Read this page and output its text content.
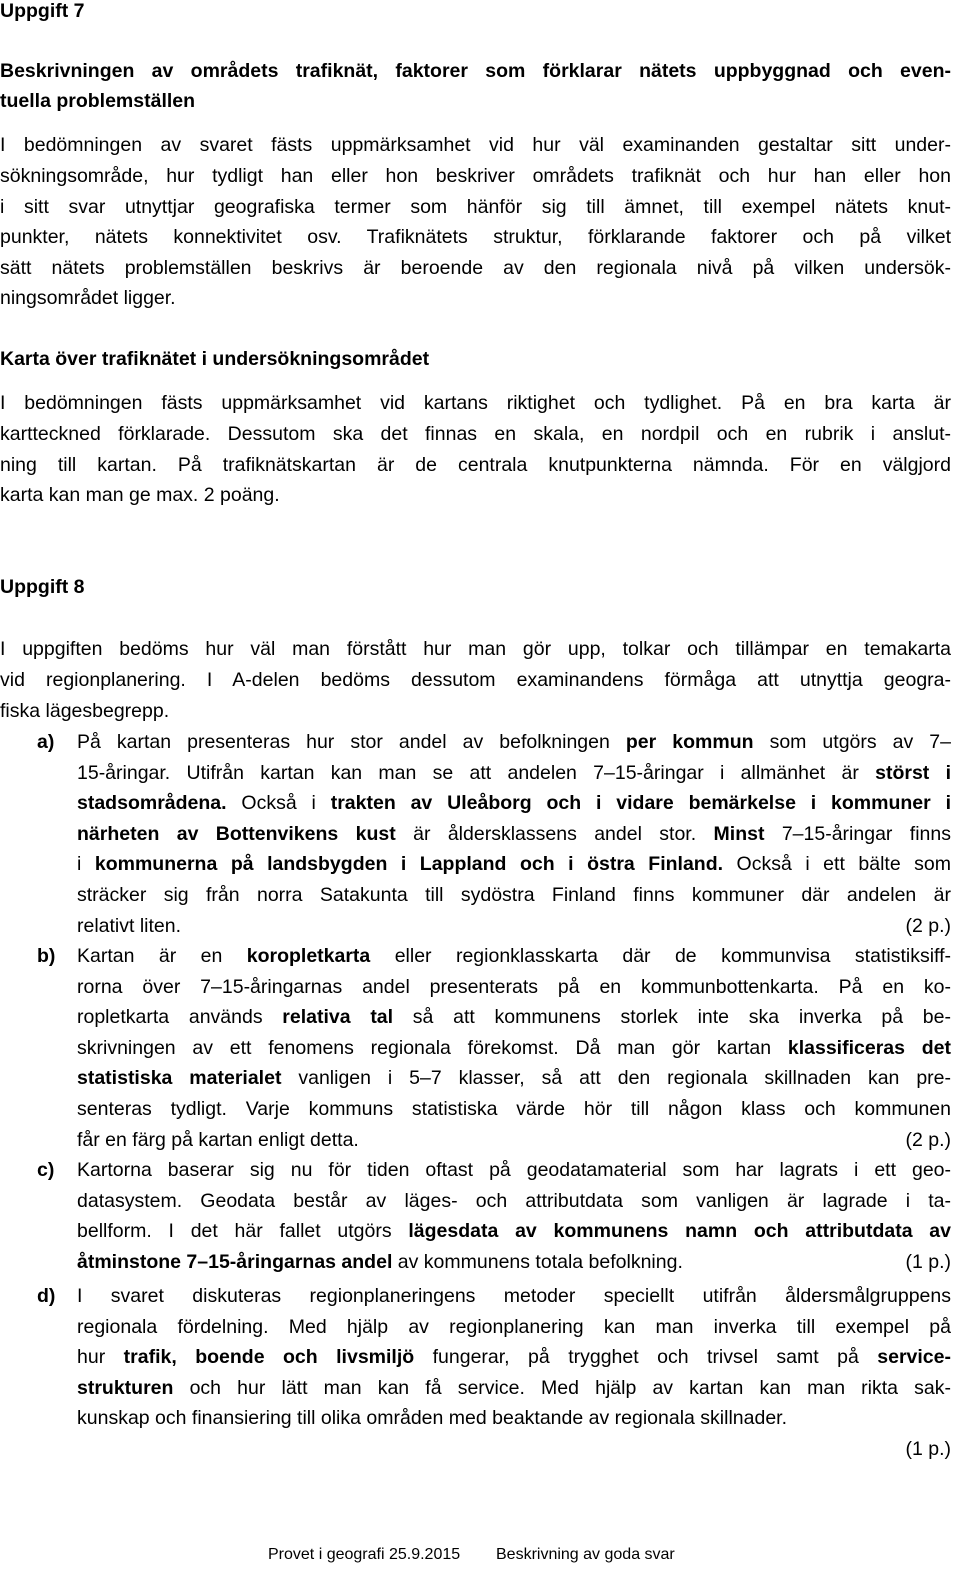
Uppgift 7
Beskrivningen av områdets trafiknät, faktorer som förklarar nätets uppbyggnad och even-
tuella problemställen
I bedömningen av svaret fästs uppmärksamhet vid hur väl examinanden gestaltar sitt under-
sökningsområde, hur tydligt han eller hon beskriver områdets trafiknät och hur han eller hon
i sitt svar utnyttjar geografiska termer som hänför sig till ämnet, till exempel nätets knut-
punkter, nätets konnektivitet osv. Trafiknätets struktur, förklarande faktorer och på vilket
sätt nätets problemställen beskrivs är beroende av den regionala nivå på vilken undersök-
ningsområdet ligger.
Karta över trafiknätet i undersökningsområdet
I bedömningen fästs uppmärksamhet vid kartans riktighet och tydlighet. På en bra karta är
kartteckned förklarade. Dessutom ska det finnas en skala, en nordpil och en rubrik i anslut-
ning till kartan. På trafiknätskartan är de centrala knutpunkterna nämnda. För en välgjord
karta kan man ge max. 2 poäng.
Uppgift 8
I uppgiften bedöms hur väl man förstått hur man gör upp, tolkar och tillämpar en temakarta
vid regionplanering. I A-delen bedöms dessutom examinandens förmåga att utnyttja geogra-
fiska lägesbegrepp.
a) På kartan presenteras hur stor andel av befolkningen per kommun som utgörs av 7–
15-åringar. Utifrån kartan kan man se att andelen 7–15-åringar i allmänhet är störst i
stadsområdena. Också i trakten av Uleåborg och i vidare bemärkelse i kommuner i
närheten av Bottenvikens kust är åldersklassens andel stor. Minst 7–15-åringar finns
i kommunerna på landsbygden i Lappland och i östra Finland. Också i ett bälte som
sträcker sig från norra Satakunta till sydöstra Finland finns kommuner där andelen är
relativt liten.	(2 p.)
b) Kartan är en koropletkarta eller regionklasskarta där de kommunvisa statistiksiff-
rorna över 7–15-åringarnas andel presenterats på en kommunbottenkarta. På en ko-
ropletkarta används relativa tal så att kommunens storlek inte ska inverka på be-
skrivningen av ett fenomens regionala förekomst. Då man gör kartan klassificeras det
statistiska materialet vanligen i 5–7 klasser, så att den regionala skillnaden kan pre-
senteras tydligt. Varje kommuns statistiska värde hör till någon klass och kommunen
får en färg på kartan enligt detta.	(2 p.)
c) Kartorna baserar sig nu för tiden oftast på geodatamaterial som har lagrats i ett geo-
datasystem. Geodata består av läges- och attributdata som vanligen är lagrade i ta-
bellform. I det här fallet utgörs lägesdata av kommunens namn och attributdata av
åtminstone 7–15-åringarnas andel av kommunens totala befolkning.	(1 p.)
d) I svaret diskuteras regionplaneringens metoder speciellt utifrån åldersmålgruppens
regionala fördelning. Med hjälp av regionplanering kan man inverka till exempel på
hur trafik, boende och livsmiljö fungerar, på trygghet och trivsel samt på service-
strukturen och hur lätt man kan få service. Med hjälp av kartan kan man rikta sak-
kunskap och finansiering till olika områden med beaktande av regionala skillnader.
(1 p.)
Provet i geografi 25.9.2015 Beskrivning av goda svar
